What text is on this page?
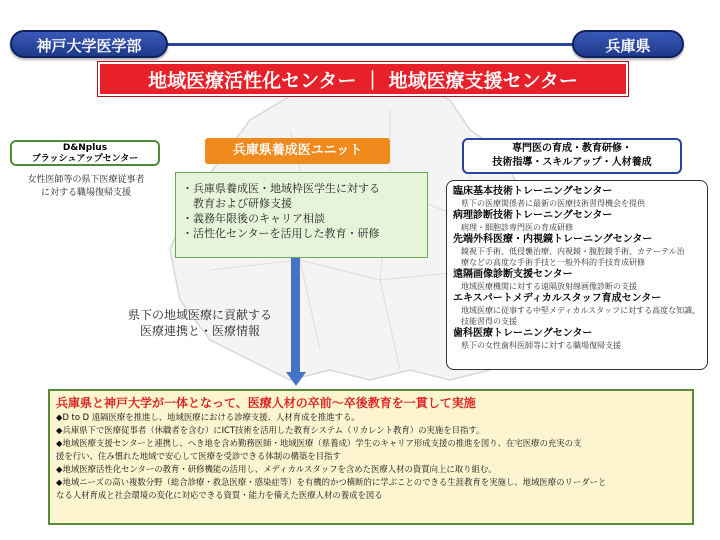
神戸大学医学部	兵庫県
地域医療活性化センター ｜ 地域医療支援センター
D&Nplus
ブラッシュアップセンター
女性医師等の県下医療従事者
に対する職場復帰支援
兵庫県養成医ユニット
・兵庫県養成医・地域枠医学生に対する
　教育および研修支援
・義務年限後のキャリア相談
・活性化センターを活用した教育・研修
専門医の育成・教育研修・
技術指導・スキルアップ・人材養成
臨床基本技術トレーニングセンター
県下の医療関係者に最新の医療技術習得機会を提供
病理診断技術トレーニングセンター
病理・細胞診専門医の育成研修
先端外科医療・内視鏡トレーニングセンター
鏡視下手術、低侵襲治療、内視鏡・腹腔鏡手術、カテーテル治
療などの高度な手術手技と一般外科的手技育成研修
遠隔画像診断支援センター
地域医療機関に対する遠隔放射線画像診断の支援
エキスパートメディカルスタッフ育成センター
地域医療に従事する中堅メディカルスタッフに対する高度な知識、
技能習得の支援
歯科医療トレーニングセンター
県下の女性歯科医師等に対する職場復帰支援
県下の地域医療に貢献する
医療連携と・医療情報
兵庫県と神戸大学が一体となって、医療人材の卒前～卒後教育を一貫して実施

◆D to D 遠隔医療を推進し、地域医療における診療支援、人材育成を推進する。

◆兵庫県下で医療従事者（休職者を含む）にICT技術を活用した教育システム（リカレント教育）の実施を目指す。

◆地域医療支援センターと連携し、へき地を含め勤務医師・地域医療（県養成）学生のキャリア形成支援の推進を図り、在宅医療の充実の支

援を行い、住み慣れた地域で安心して医療を受診できる体制の構築を目指す

◆地域医療活性化センターの教育・研修機能の活用し、メディカルスタッフを含めた医療人材の資質向上に取り組む。

◆地域ニーズの高い複数分野（総合診療・救急医療・感染症等）を有機的かつ横断的に学ぶことのできる生涯教育を実施し、地域医療のリーダーと

なる人材育成と社会環境の変化に対応できる資質・能力を備えた医療人材の養成を図る
